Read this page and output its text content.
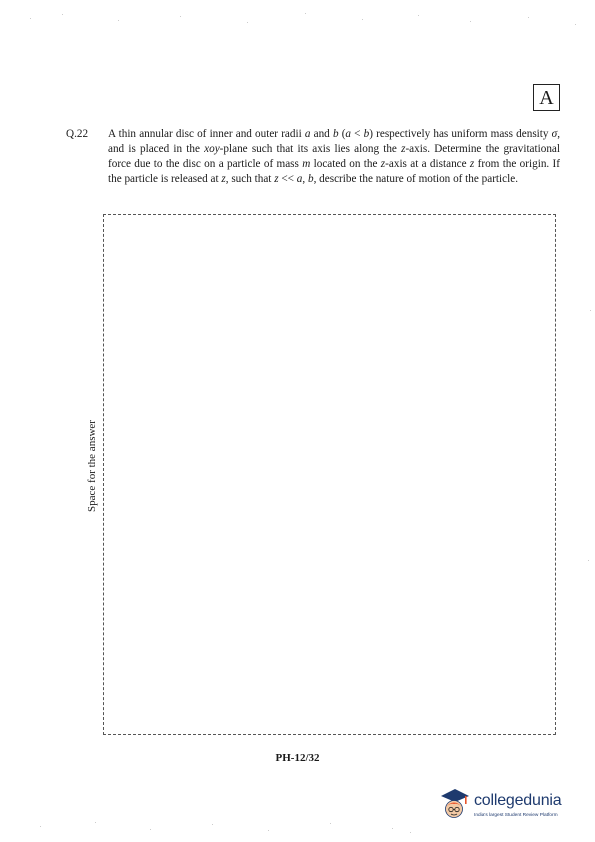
A
Q.22 A thin annular disc of inner and outer radii a and b (a < b) respectively has uniform mass density σ, and is placed in the xoy-plane such that its axis lies along the z-axis. Determine the gravitational force due to the disc on a particle of mass m located on the z-axis at a distance z from the origin. If the particle is released at z, such that z << a, b, describe the nature of motion of the particle.
Space for the answer
PH-12/32
collegedunia
India's largest Student Review Platform
